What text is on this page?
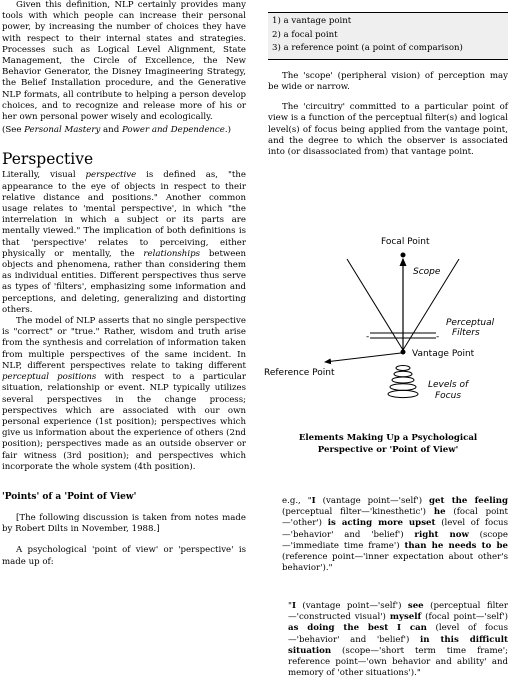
Given this definition, NLP certainly provides many tools with which people can increase their personal power, by increasing the number of choices they have with respect to their internal states and strategies. Processes such as Logical Level Alignment, State Management, the Circle of Excellence, the New Behavior Generator, the Disney Imagineering Strategy, the Belief Installation procedure, and the Generative NLP formats, all contribute to helping a person develop choices, and to recognize and release more of his or her own personal power wisely and ecologically.

(See Personal Mastery and Power and Dependence.)

Perspective

Literally, visual perspective is defined as, "the appearance to the eye of objects in respect to their relative distance and positions." Another common usage relates to 'mental perspective', in which "the interrelation in which a subject or its parts are mentally viewed." The implication of both definitions is that 'perspective' relates to perceiving, either physically or mentally, the relationships between objects and phenomena, rather than considering them as individual entities. Different perspectives thus serve as types of 'filters', emphasizing some information and perceptions, and deleting, generalizing and distorting others.

The model of NLP asserts that no single perspective is "correct" or "true." Rather, wisdom and truth arise from the synthesis and correlation of information taken from multiple perspectives of the same incident. In NLP, different perspectives relate to taking different perceptual positions with respect to a particular situation, relationship or event. NLP typically utilizes several perspectives in the change process; perspectives which are associated with our own personal experience (1st position); perspectives which give us information about the experience of others (2nd position); perspectives made as an outside observer or fair witness (3rd position); and perspectives which incorporate the whole system (4th position).

'Points' of a 'Point of View'

[The following discussion is taken from notes made by Robert Dilts in November, 1988.]

A psychological 'point of view' or 'perspective' is made up of:

1) a vantage point

2) a focal point

3) a reference point (a point of comparison)

The 'scope' (peripheral vision) of perception may be wide or narrow.

The 'circuitry' committed to a particular point of view is a function of the perceptual filter(s) and logical level(s) of focus being applied from the vantage point, and the degree to which the observer is associated into (or disassociated from) that vantage point.

Focal Point
Scope
-	-
Perceptual
Filters
Vantage Point
Reference Point
Levels of
Focus
Elements Making Up a Psychological
Perspective or 'Point of View'

e.g., "I (vantage point—'self') get the feeling (perceptual filter—'kinesthetic') he (focal point—'other') is acting more upset (level of focus—'behavior' and 'belief') right now (scope—'immediate time frame') than he needs to be (reference point—'inner expectation about other's behavior')."

"I (vantage point—'self') see (perceptual filter—'constructed visual') myself (focal point—'self') as doing the best I can (level of focus—'behavior' and 'belief') in this difficult situation (scope—'short term time frame'; reference point—'own behavior and ability' and memory of 'other situations')."
